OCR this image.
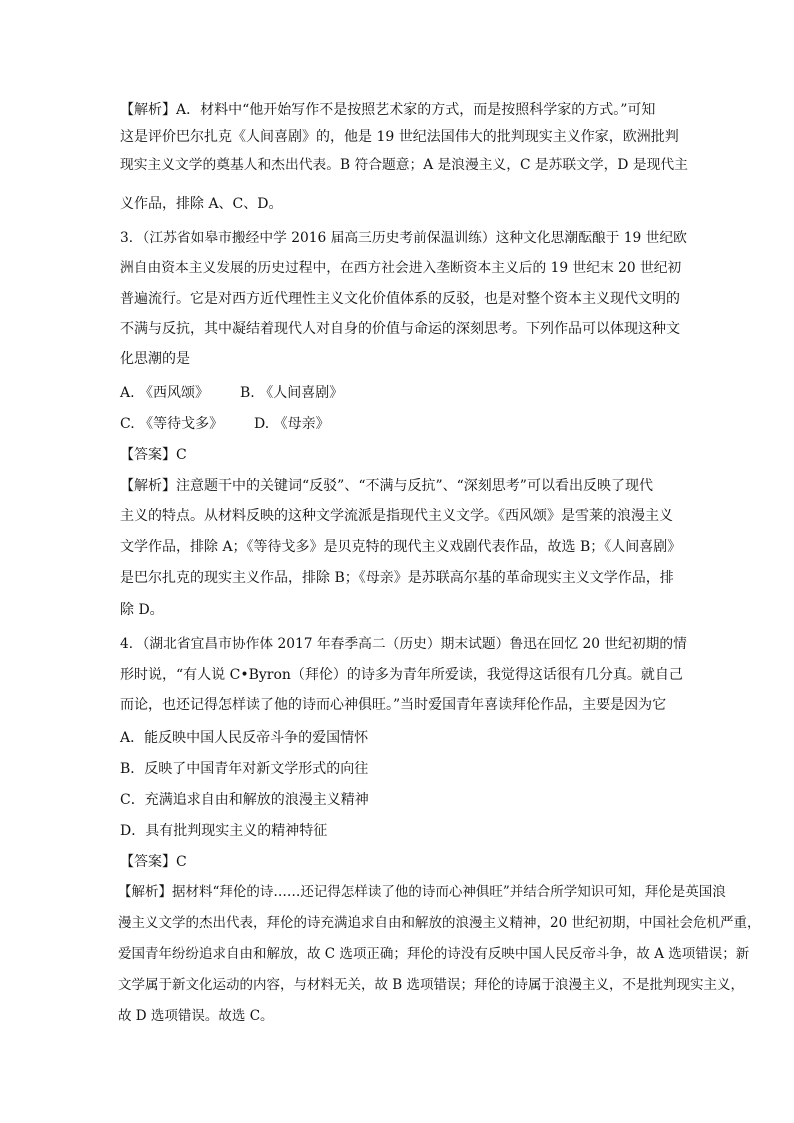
【解析】A．材料中“他开始写作不是按照艺术家的方式，而是按照科学家的方式。”可知
这是评价巴尔扎克《人间喜剧》的，他是 19 世纪法国伟大的批判现实主义作家，欧洲批判
现实主义文学的奠基人和杰出代表。B 符合题意；A 是浪漫主义，C 是苏联文学，D 是现代主
义作品，排除 A、C、D。
3．（江苏省如皋市搬经中学 2016 届高三历史考前保温训练）这种文化思潮酝酿于 19 世纪欧
洲自由资本主义发展的历史过程中，在西方社会进入垄断资本主义后的 19 世纪末 20 世纪初
普遍流行。它是对西方近代理性主义文化价值体系的反驳，也是对整个资本主义现代文明的
不满与反抗，其中凝结着现代人对自身的价值与命运的深刻思考。下列作品可以体现这种文
化思潮的是
A. 《西风颂》 B. 《人间喜剧》
C. 《等待戈多》 D. 《母亲》
【答案】C
【解析】注意题干中的关键词“反驳”、“不满与反抗”、“深刻思考”可以看出反映了现代
主义的特点。从材料反映的这种文学流派是指现代主义文学。《西风颂》是雪莱的浪漫主义
文学作品，排除 A；《等待戈多》是贝克特的现代主义戏剧代表作品，故选 B；《人间喜剧》
是巴尔扎克的现实主义作品，排除 B；《母亲》是苏联高尔基的革命现实主义文学作品，排
除 D。
4．（湖北省宜昌市协作体 2017 年春季高二（历史）期末试题）鲁迅在回忆 20 世纪初期的情
形时说，“有人说 C•Byron（拜伦）的诗多为青年所爱读，我觉得这话很有几分真。就自己
而论，也还记得怎样读了他的诗而心神俱旺。”当时爱国青年喜读拜伦作品，主要是因为它
A．能反映中国人民反帝斗争的爱国情怀
B．反映了中国青年对新文学形式的向往
C．充满追求自由和解放的浪漫主义精神
D．具有批判现实主义的精神特征
【答案】C
【解析】据材料“拜伦的诗……还记得怎样读了他的诗而心神俱旺”并结合所学知识可知，拜伦是英国浪
漫主义文学的杰出代表，拜伦的诗充满追求自由和解放的浪漫主义精神，20 世纪初期，中国社会危机严重，
爱国青年纷纷追求自由和解放，故 C 选项正确；拜伦的诗没有反映中国人民反帝斗争，故 A 选项错误；新
文学属于新文化运动的内容，与材料无关，故 B 选项错误；拜伦的诗属于浪漫主义，不是批判现实主义，
故 D 选项错误。故选 C。
